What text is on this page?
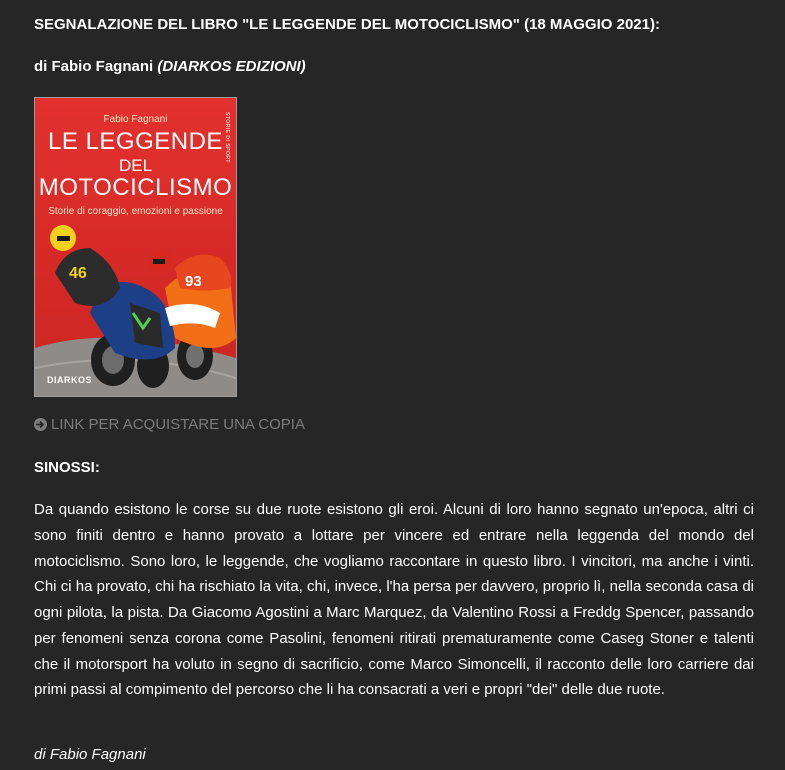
SEGNALAZIONE DEL LIBRO "LE LEGGENDE DEL MOTOCICLISMO" (18 MAGGIO 2021):
di Fabio Fagnani (DIARKOS EDIZIONI)
46	93
STORIE DI SPORT
Fabio Fagnani
LE LEGGENDE
DEL
MOTOCICLISMO
Storie di coraggio, emozioni e passione
DIARKOS
LINK PER ACQUISTARE UNA COPIA
SINOSSI:

Da quando esistono le corse su due ruote esistono gli eroi. Alcuni di loro hanno segnato un'epoca, altri ci sono finiti dentro e hanno provato a lottare per vincere ed entrare nella leggenda del mondo del motociclismo. Sono loro, le leggende, che vogliamo raccontare in questo libro. I vincitori, ma anche i vinti. Chi ci ha provato, chi ha rischiato la vita, chi, invece, l'ha persa per davvero, proprio lì, nella seconda casa di ogni pilota, la pista. Da Giacomo Agostini a Marc Marquez, da Valentino Rossi a Freddg Spencer, passando per fenomeni senza corona come Pasolini, fenomeni ritirati prematuramente come Caseg Stoner e talenti che il motorsport ha voluto in segno di sacrificio, come Marco Simoncelli, il racconto delle loro carriere dai primi passi al compimento del percorso che li ha consacrati a veri e propri "dei" delle due ruote.

di Fabio Fagnani
